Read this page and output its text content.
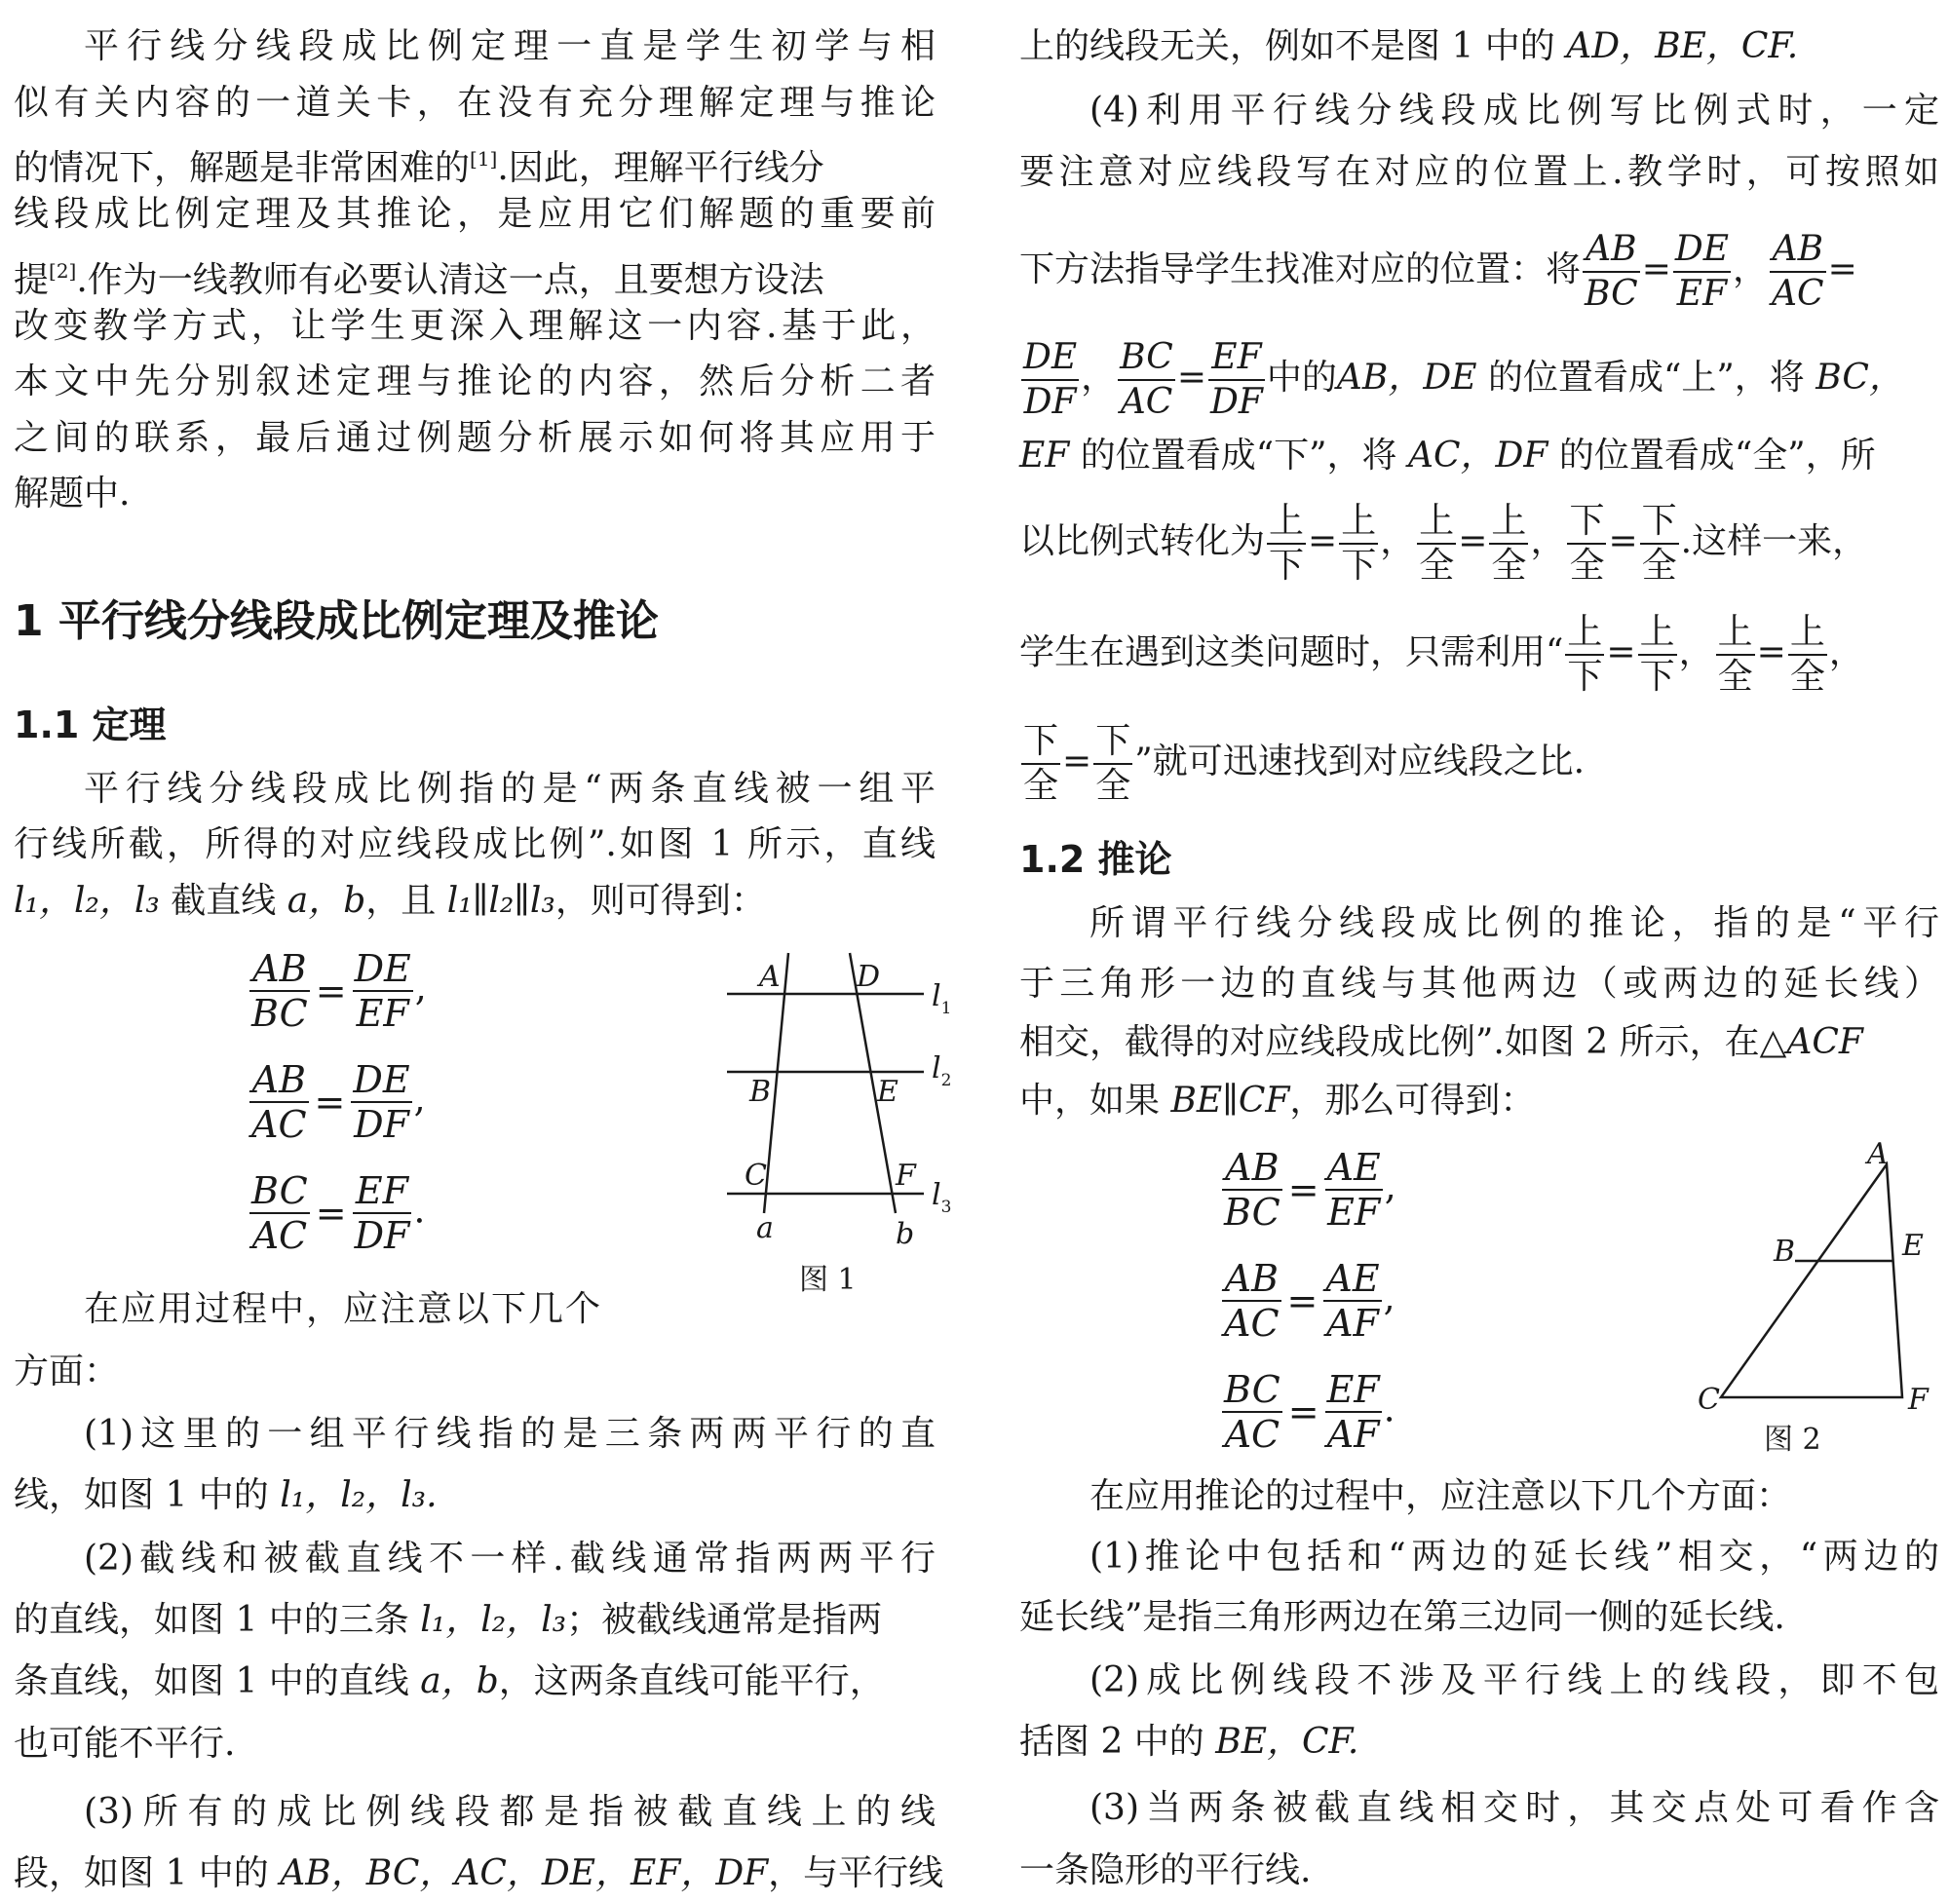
平行线分线段成比例定理一直是学生初学与相
似有关内容的一道关卡，在没有充分理解定理与推论
的情况下，解题是非常困难的[1].因此，理解平行线分
线段成比例定理及其推论，是应用它们解题的重要前
提[2].作为一线教师有必要认清这一点，且要想方设法
改变教学方式，让学生更深入理解这一内容.基于此，
本文中先分别叙述定理与推论的内容，然后分析二者
之间的联系，最后通过例题分析展示如何将其应用于
解题中.
1 平行线分线段成比例定理及推论
1.1 定理
平行线分线段成比例指的是“两条直线被一组平
行线所截，所得的对应线段成比例”.如图 1 所示，直线
l₁，l₂，l₃ 截直线 a，b，且 l₁∥l₂∥l₃，则可得到：
$\frac{AB}{BC} = \frac{DE}{EF}$ ,
$\frac{AB}{AC} = \frac{DE}{DF}$ ,
$\frac{BC}{AC} = \frac{EF}{DF}$ .
A	D
B	E
C	F
a	b
$l_1$
$l_2$
$l_3$
图 1
在应用过程中，应注意以下几个
方面：
(1)这里的一组平行线指的是三条两两平行的直
线，如图 1 中的 l₁，l₂，l₃.
(2)截线和被截直线不一样.截线通常指两两平行
的直线，如图 1 中的三条 l₁，l₂，l₃；被截线通常是指两
条直线，如图 1 中的直线 a，b，这两条直线可能平行，
也可能不平行.
(3)所有的成比例线段都是指被截直线上的线
段，如图 1 中的 AB，BC，AC，DE，EF，DF，与平行线
上的线段无关，例如不是图 1 中的 AD，BE，CF.
(4)利用平行线分线段成比例写比例式时，一定
要注意对应线段写在对应的位置上.教学时，可按照如
下方法指导学生找准对应的位置：将 $\frac{AB}{BC} = \frac{DE}{EF}$ ， $\frac{AB}{AC}$ =
$\frac{DE}{DF}$ ， $\frac{BC}{AC} = \frac{EF}{DF}$ 中的AB，DE 的位置看成“上”，将 BC，
EF 的位置看成“下”，将 AC，DF 的位置看成“全”，所
以比例式转化为 $\frac{\text{上}}{\text{下}} = \frac{\text{上}}{\text{下}}$ ， $\frac{\text{上}}{\text{全}} = \frac{\text{上}}{\text{全}}$ ， $\frac{\text{下}}{\text{全}} = \frac{\text{下}}{\text{全}}$ .这样一来，
学生在遇到这类问题时，只需利用“ $\frac{\text{上}}{\text{下}} = \frac{\text{上}}{\text{下}}$ ， $\frac{\text{上}}{\text{全}} = \frac{\text{上}}{\text{全}}$ ，
$\frac{\text{下}}{\text{全}} = \frac{\text{下}}{\text{全}}$ ”就可迅速找到对应线段之比.
1.2 推论
所谓平行线分线段成比例的推论，指的是“平行
于三角形一边的直线与其他两边（或两边的延长线）
相交，截得的对应线段成比例”.如图 2 所示，在△ACF
中，如果 BE∥CF，那么可得到：
$\frac{AB}{BC} = \frac{AE}{EF}$ ,
$\frac{AB}{AC} = \frac{AE}{AF}$ ,
$\frac{BC}{AC} = \frac{EF}{AF}$ .
A
B	E
C	F
图 2
在应用推论的过程中，应注意以下几个方面：
(1)推论中包括和“两边的延长线”相交，“两边的
延长线”是指三角形两边在第三边同一侧的延长线.
(2)成比例线段不涉及平行线上的线段，即不包
括图 2 中的 BE，CF.
(3)当两条被截直线相交时，其交点处可看作含
一条隐形的平行线.
